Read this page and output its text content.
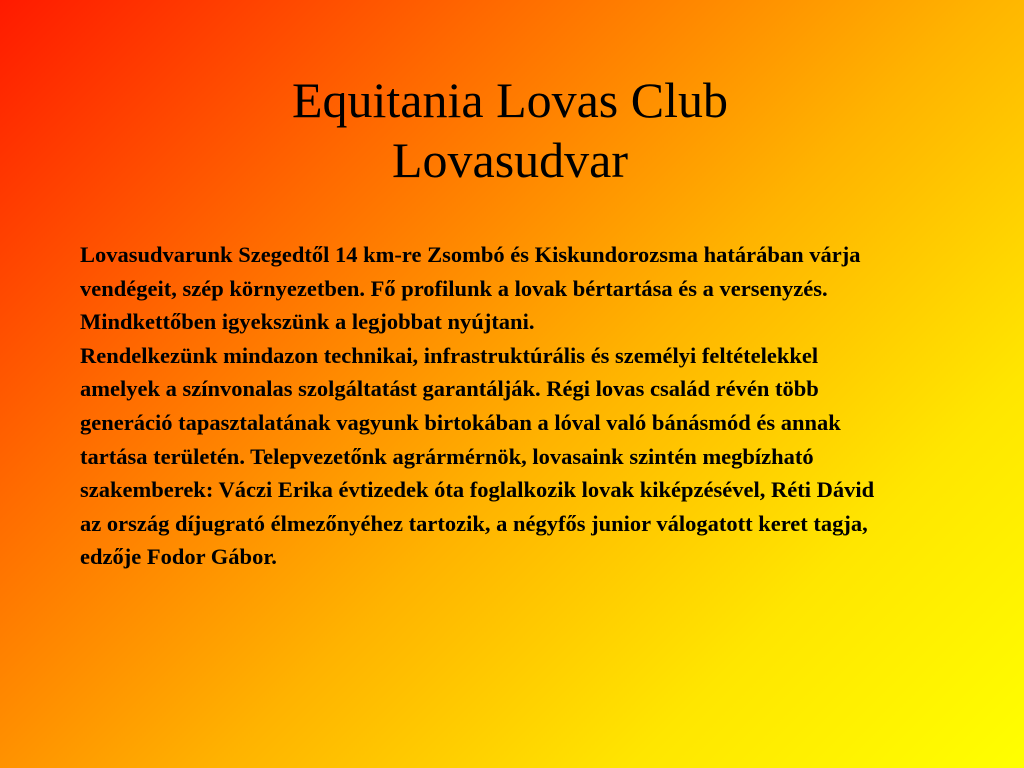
Equitania Lovas Club
Lovasudvar

Lovasudvarunk Szegedtől 14 km-re Zsombó és Kiskundorozsma határában várja vendégeit, szép környezetben. Fő profilunk a lovak bértartása és a versenyzés. Mindkettőben igyekszünk a legjobbat nyújtani.

Rendelkezünk mindazon technikai, infrastruktúrális és személyi feltételekkel amelyek a színvonalas szolgáltatást garantálják. Régi lovas család révén több generáció tapasztalatának vagyunk birtokában a lóval való bánásmód és annak tartása területén. Telepvezetőnk agrármérnök, lovasaink szintén megbízható szakemberek: Váczi Erika évtizedek óta foglalkozik lovak kiképzésével, Réti Dávid az ország díjugrató élmezőnyéhez tartozik, a négyfős junior válogatott keret tagja, edzője Fodor Gábor.
